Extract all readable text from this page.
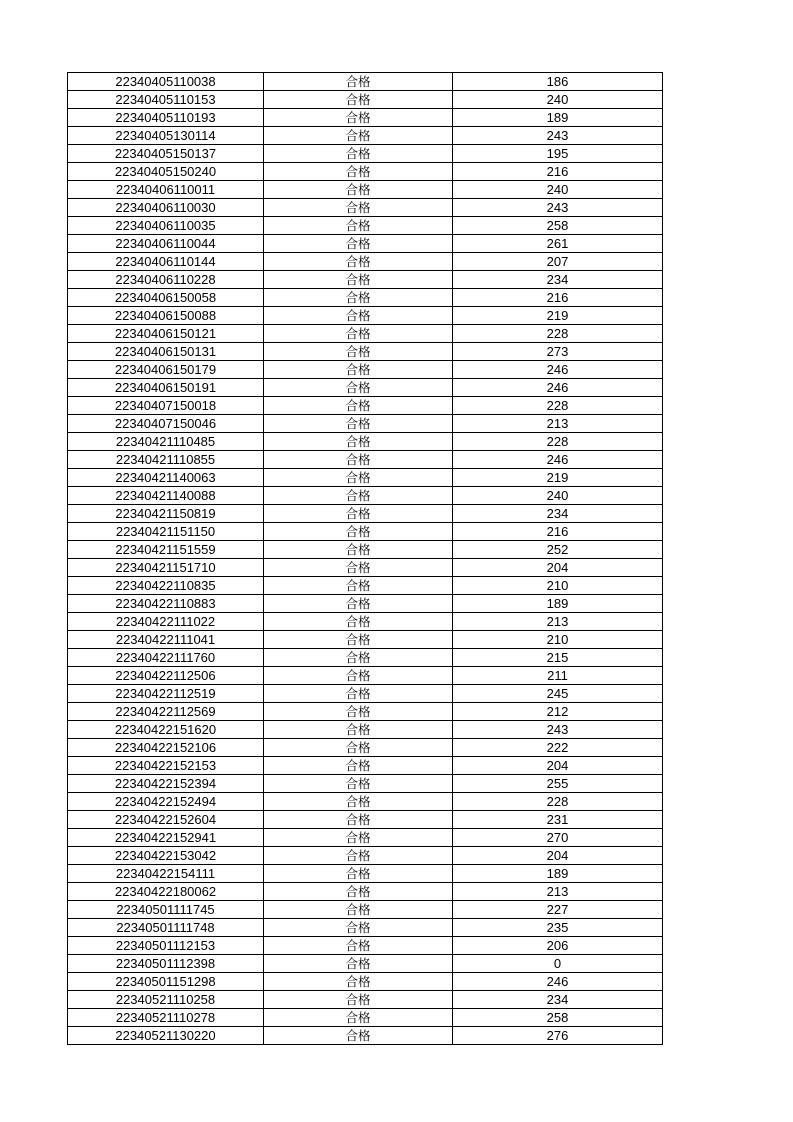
22340405110038	合格	186
22340405110153	合格	240
22340405110193	合格	189
22340405130114	合格	243
22340405150137	合格	195
22340405150240	合格	216
22340406110011	合格	240
22340406110030	合格	243
22340406110035	合格	258
22340406110044	合格	261
22340406110144	合格	207
22340406110228	合格	234
22340406150058	合格	216
22340406150088	合格	219
22340406150121	合格	228
22340406150131	合格	273
22340406150179	合格	246
22340406150191	合格	246
22340407150018	合格	228
22340407150046	合格	213
22340421110485	合格	228
22340421110855	合格	246
22340421140063	合格	219
22340421140088	合格	240
22340421150819	合格	234
22340421151150	合格	216
22340421151559	合格	252
22340421151710	合格	204
22340422110835	合格	210
22340422110883	合格	189
22340422111022	合格	213
22340422111041	合格	210
22340422111760	合格	215
22340422112506	合格	211
22340422112519	合格	245
22340422112569	合格	212
22340422151620	合格	243
22340422152106	合格	222
22340422152153	合格	204
22340422152394	合格	255
22340422152494	合格	228
22340422152604	合格	231
22340422152941	合格	270
22340422153042	合格	204
22340422154111	合格	189
22340422180062	合格	213
22340501111745	合格	227
22340501111748	合格	235
22340501112153	合格	206
22340501112398	合格	0
22340501151298	合格	246
22340521110258	合格	234
22340521110278	合格	258
22340521130220	合格	276
